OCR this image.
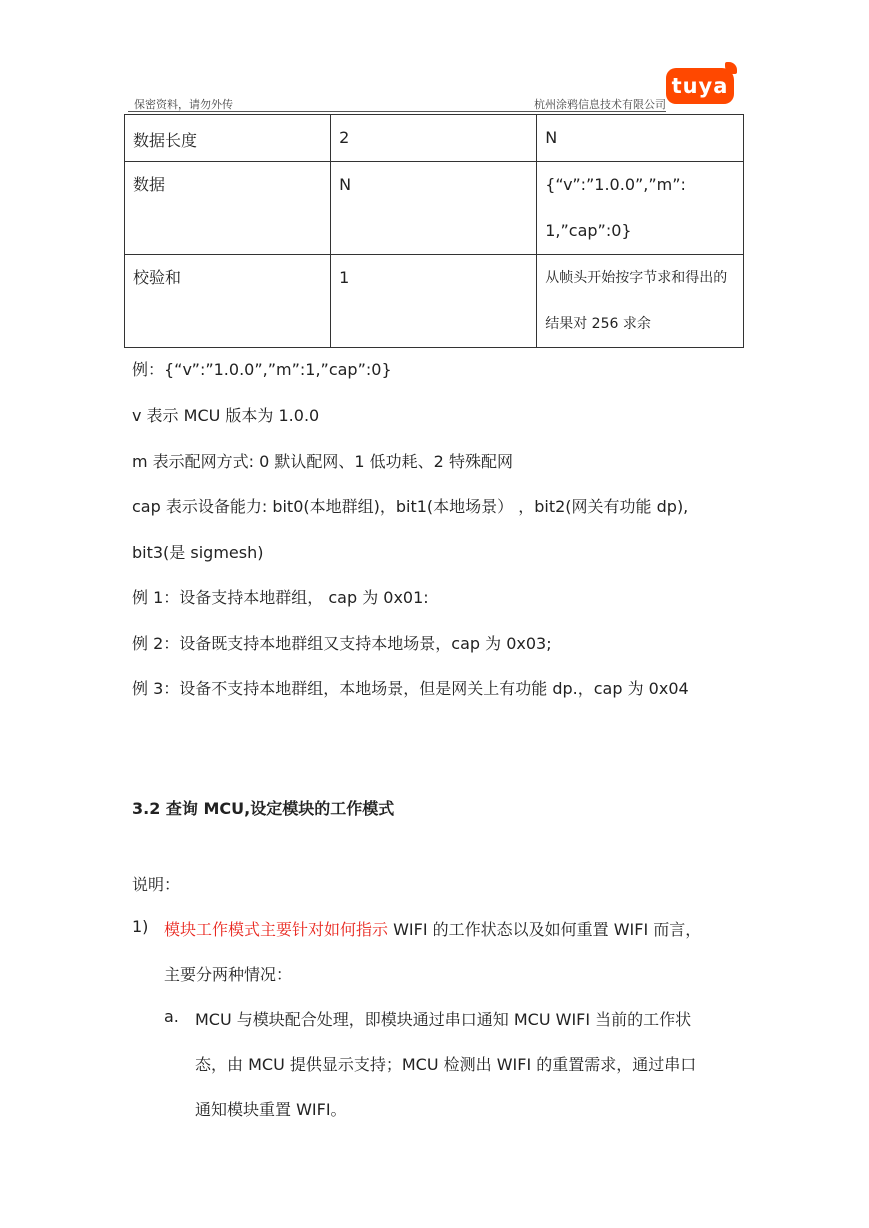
保密资料，请勿外传	杭州涂鸦信息技术有限公司
tuya
数据长度	2	N
数据	N	{“v”:”1.0.0”,”m”:
1,”cap”:0}

校验和	1	从帧头开始按字节求和得出的
结果对 256 求余
例：{“v”:”1.0.0”,”m”:1,”cap”:0}
v 表示 MCU 版本为 1.0.0
m 表示配网方式: 0 默认配网、1 低功耗、2 特殊配网
cap 表示设备能力: bit0(本地群组)，bit1(本地场景） ，bit2(网关有功能 dp),
bit3(是 sigmesh)
例 1：设备支持本地群组， cap 为 0x01:
例 2：设备既支持本地群组又支持本地场景，cap 为 0x03;
例 3：设备不支持本地群组，本地场景，但是网关上有功能 dp.，cap 为 0x04
3.2 查询 MCU,设定模块的工作模式
说明：
1) 模块工作模式主要针对如何指示 WIFI 的工作状态以及如何重置 WIFI 而言，
主要分两种情况：
a. MCU 与模块配合处理，即模块通过串口通知 MCU WIFI 当前的工作状
态，由 MCU 提供显示支持；MCU 检测出 WIFI 的重置需求，通过串口
通知模块重置 WIFI。
